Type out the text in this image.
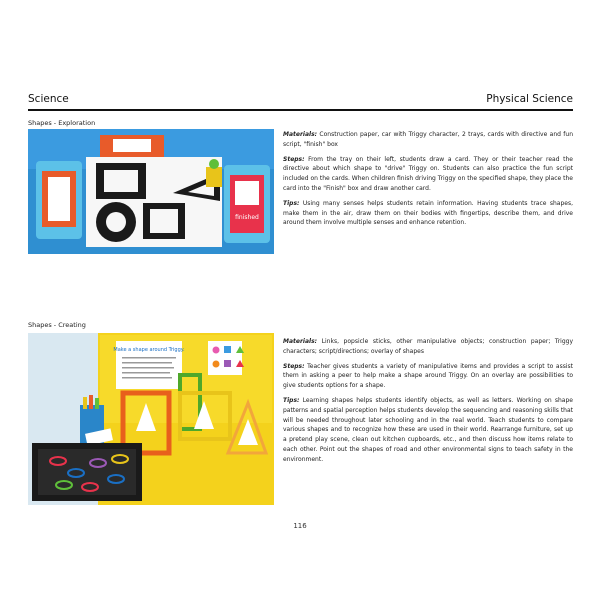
Science	Physical Science
Shapes - Exploration
finished

Materials: Construction paper, car with Triggy character, 2 trays, cards with directive and fun script, "finish" box

Steps: From the tray on their left, students draw a card. They or their teacher read the directive about which shape to "drive" Triggy on. Students can also practice the fun script included on the cards. When children finish driving Triggy on the specified shape, they place the card into the "Finish" box and draw another card.

Tips: Using many senses helps students retain information. Having students trace shapes, make them in the air, draw them on their bodies with fingertips, describe them, and drive around them involve multiple senses and enhance retention.

Shapes - Creating
Make a shape around Triggy.

Materials: Links, popsicle sticks, other manipulative objects; construction paper; Triggy characters; script/directions; overlay of shapes

Steps: Teacher gives students a variety of manipulative items and provides a script to assist them in asking a peer to help make a shape around Triggy. On an overlay are possibilities to give students options for a shape.

Tips: Learning shapes helps students identify objects, as well as letters. Working on shape patterns and spatial perception helps students develop the sequencing and reasoning skills that will be needed throughout later schooling and in the real world. Teach students to compare various shapes and to recognize how these are used in their world. Rearrange furniture, set up a pretend play scene, clean out kitchen cupboards, etc., and then discuss how items relate to each other. Point out the shapes of road and other environmental signs to teach safety in the environment.

116
